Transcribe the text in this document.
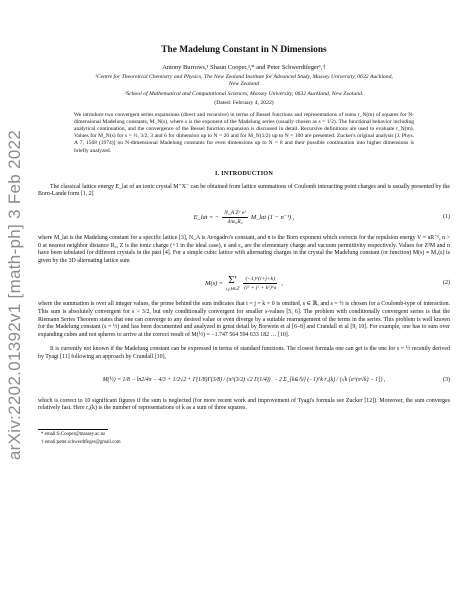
arXiv:2202.01392v1 [math-ph] 3 Feb 2022
The Madelung Constant in N Dimensions
Antony Burrows,¹ Shaun Cooper,²,* and Peter Schwerdtfeger¹,†
¹Centre for Theoretical Chemistry and Physics, The New Zealand Institute for Advanced Study, Massey University, 0632 Auckland, New Zealand
²School of Mathematical and Computational Sciences, Massey University, 0632 Auckland, New Zealand.
(Dated: February 4, 2022)
We introduce two convergent series expansions (direct and recursive) in terms of Bessel functions and representations of sums r_N(m) of squares for N-dimensional Madelung constants, M_N(s), where s is the exponent of the Madelung series (usually chosen as s = 1/2). The functional behavior including analytical continuation, and the convergence of the Bessel function expansion is discussed in detail. Recursive definitions are used to evaluate r_N(m). Values for M_N(s) for s = ½, 3/2, 3 and 6 for dimension up to N = 20 and for M_N(1/2) up to N = 100 are presented. Zucker's original analysis [J. Phys. A 7, 1568 (1974)] on N-dimensional Madelung constants for even dimensions up to N = 8 and their possible continuation into higher dimensions is briefly analyzed.
I. INTRODUCTION

The classical lattice energy E_lat of an ionic crystal M⁺X⁻ can be obtained from lattice summations of Coulomb interacting point charges and is usually presented by the Born-Lande form [1, 2]

E_lat = − $\frac{\text{N\_A Z² e²}}{\text{4πε₀R₀}}$ M_lat (1 − n⁻¹) ,	(1)

where M_lat is the Madelung constant for a specific lattice [3], N_A is Avogadro's constant, and n is the Born exponent which corrects for the repulsion energy V = aR⁻ⁿ, n > 0 at nearest neighbor distance R₀, Z is the ionic charge (+1 in the ideal case), e and ε₀ are the elementary charge and vacuum permittivity respectively. Values for Z²M and n have been tabulated for different crystals in the past [4]. For a simple cubic lattice with alternating charges in the crystal the Madelung constant (or function) M(s) ≡ M₃(s) is given by the 3D alternating lattice sum

M(s) = Σ′
i,j,k∈ℤ $\frac{(-1)\^{}(i+j+k)}{\text{(i² + j² + k²)\textasciicircum{}s}}$ ,	(2)

where the summation is over all integer values, the prime behind the sum indicates that i = j = k = 0 is omitted, s ∈ ℝ, and s = ½ is chosen for a Coulomb-type of interaction. This sum is absolutely convergent for s > 3/2, but only conditionally convergent for smaller s-values [5, 6]. The problem with conditionally convergent series is that the Riemann Series Theorem states that one can converge to any desired value or even diverge by a suitable rearrangement of the terms in the series. This problem is well known for the Madelung constant (s = ½) and has been documented and analyzed in great detail by Borwein et al [6–8] and Crandall et al [9, 10]. For example, one has to sum over expanding cubes and not spheres to arrive at the correct result of M(½) = −1.747 564 594 633 182 … [10].

It is currently not known if the Madelung constant can be expressed in terms of standard functions. The closest formula one can get is the one for s = ½ recently derived by Tyagi [11] following an approach by Crandall [10],

M(½) = 1/8 − ln2/4π − 4/3 + 1/2√2 + Γ(1/8)Γ(3/8) / (π^(3/2) √2 Γ(1/4)) − 2 Σ_{k∈ℕ} (−1)^k r₃(k) / (√k [e^(π√k) − 1]) ,	(3)

which is correct to 10 significant figures if the sum is neglected (for more recent work and improvement of Tyagi's formula see Zucker [12]). Moreover, the sum converges relatively fast. Here r₃(k) is the number of representations of k as a sum of three squares.

* email:S.Cooper@massey.ac.nz
† email:peter.schwerdtfeger@gmail.com
